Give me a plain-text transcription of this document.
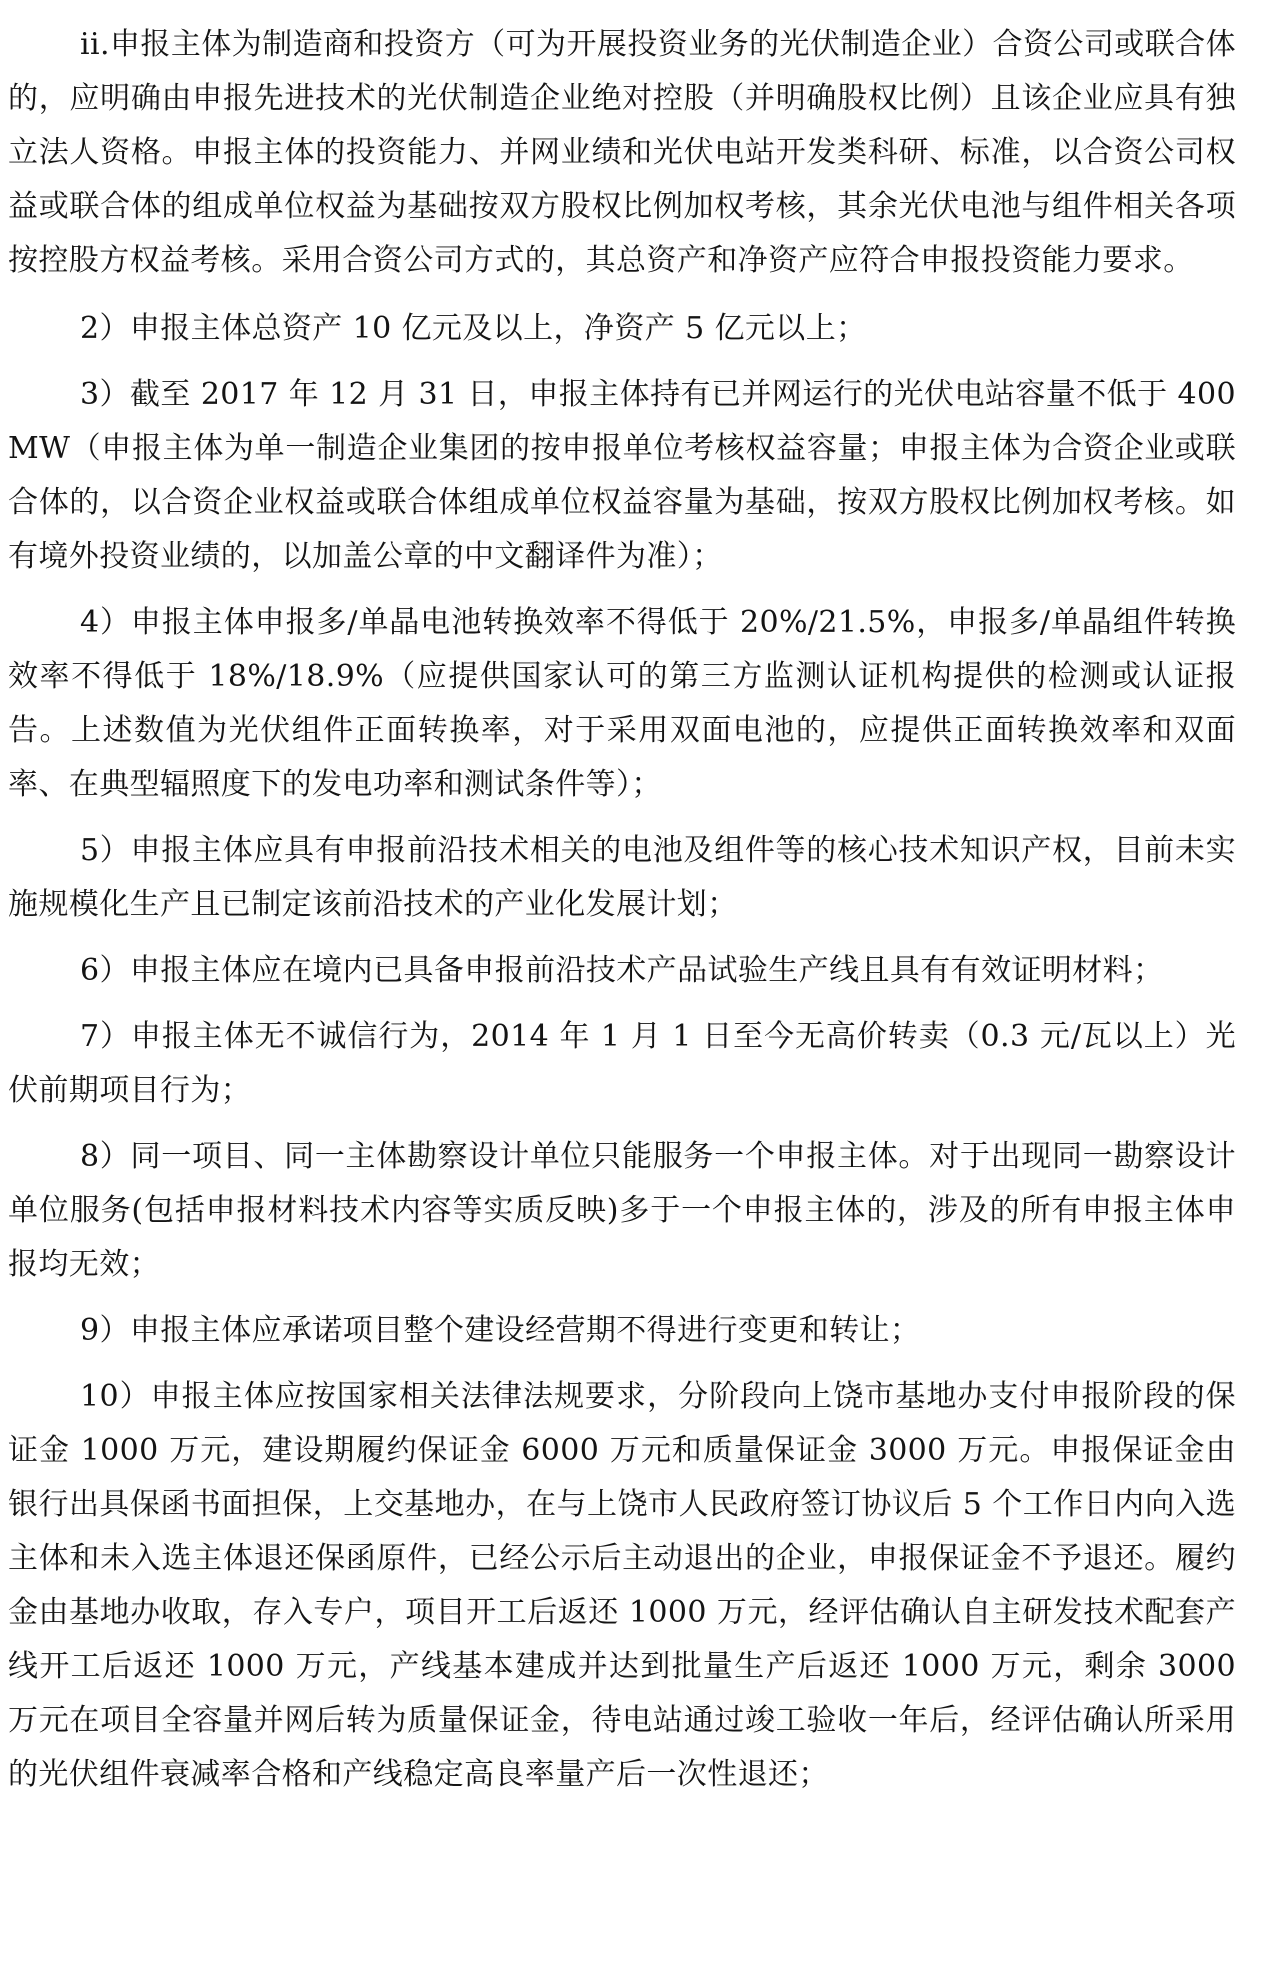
ii.申报主体为制造商和投资方（可为开展投资业务的光伏制造企业）合资公司或联合体的，应明确由申报先进技术的光伏制造企业绝对控股（并明确股权比例）且该企业应具有独立法人资格。申报主体的投资能力、并网业绩和光伏电站开发类科研、标准，以合资公司权益或联合体的组成单位权益为基础按双方股权比例加权考核，其余光伏电池与组件相关各项按控股方权益考核。采用合资公司方式的，其总资产和净资产应符合申报投资能力要求。

2）申报主体总资产 10 亿元及以上，净资产 5 亿元以上；

3）截至 2017 年 12 月 31 日，申报主体持有已并网运行的光伏电站容量不低于 400MW（申报主体为单一制造企业集团的按申报单位考核权益容量；申报主体为合资企业或联合体的，以合资企业权益或联合体组成单位权益容量为基础，按双方股权比例加权考核。如有境外投资业绩的，以加盖公章的中文翻译件为准）；

4）申报主体申报多/单晶电池转换效率不得低于 20%/21.5%，申报多/单晶组件转换效率不得低于 18%/18.9%（应提供国家认可的第三方监测认证机构提供的检测或认证报告。上述数值为光伏组件正面转换率，对于采用双面电池的，应提供正面转换效率和双面率、在典型辐照度下的发电功率和测试条件等）；

5）申报主体应具有申报前沿技术相关的电池及组件等的核心技术知识产权，目前未实施规模化生产且已制定该前沿技术的产业化发展计划；

6）申报主体应在境内已具备申报前沿技术产品试验生产线且具有有效证明材料；

7）申报主体无不诚信行为，2014 年 1 月 1 日至今无高价转卖（0.3 元/瓦以上）光伏前期项目行为；

8）同一项目、同一主体勘察设计单位只能服务一个申报主体。对于出现同一勘察设计单位服务(包括申报材料技术内容等实质反映)多于一个申报主体的，涉及的所有申报主体申报均无效；

9）申报主体应承诺项目整个建设经营期不得进行变更和转让；

10）申报主体应按国家相关法律法规要求，分阶段向上饶市基地办支付申报阶段的保证金 1000 万元，建设期履约保证金 6000 万元和质量保证金 3000 万元。申报保证金由银行出具保函书面担保，上交基地办，在与上饶市人民政府签订协议后 5 个工作日内向入选主体和未入选主体退还保函原件，已经公示后主动退出的企业，申报保证金不予退还。履约金由基地办收取，存入专户，项目开工后返还 1000 万元，经评估确认自主研发技术配套产线开工后返还 1000 万元，产线基本建成并达到批量生产后返还 1000 万元，剩余 3000 万元在项目全容量并网后转为质量保证金，待电站通过竣工验收一年后，经评估确认所采用的光伏组件衰减率合格和产线稳定高良率量产后一次性退还；
